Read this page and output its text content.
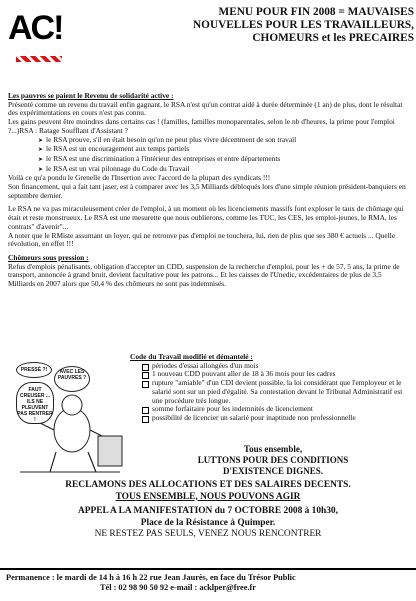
AC!	MENU POUR FIN 2008 = MAUVAISES
NOUVELLES POUR LES TRAVAILLEURS,
CHOMEURS et les PRECAIRES
Les pauvres se paient le Revenu de solidarité active :
Présenté comme un revenu du travail enfin gagnant, le RSA n'est qu'un contrat aidé à durée déterminée (1 an) de plus, dont le résultat des expérimentations en cours n'est pas connu.
Les gains peuvent être moindres dans certains cas ! (familles, familles monoparentales, selon le nb d'heures, la prime pour l'emploi ?...)RSA : Ratage Soufflant d'Assistant ?
➤ le RSA prouve, s'il en était besoin qu'on ne peut plus vivre décemment de son travail
➤ le RSA est un encouragement aux temps partiels
➤ le RSA est une discrimination à l'intérieur des entreprises et entre départements
➤ le RSA est un vrai pilonnage du Code du Travail
Voilà ce qu'a pondu le Grenelle de l'Insertion avec l'accord de la plupart des syndicats !!!
Son financement, qui a fait tant jaser, est à comparer avec les 3,5 Milliards débloqués lors d'une simple réunion président-banquiers en septembre dernier.
Le RSA ne va pas miraculeusement créer de l'emploi, à un moment où les licenciements massifs font exploser le taux de chômage qui était et reste monstrueux. Le RSA est une mesurette que nous oublierons, comme les TUC, les CES, les emploi-jeunes, le RMA, les contrats" d'avenir"...
A noter que le RMiste assumant un loyer, qui ne retrouve pas d'emploi ne touchera, lui, rien de plus que ses 380 € actuels ... Quelle révolution, en effet !!!
Chômeurs sous pression :
Refus d'emplois pénalisants, obligation d'accepter un CDD, suspension de la recherche d'emploi, pour les + de 57, 5 ans, la prime de transport, annoncée à grand bruit, devient facultative pour les patrons... Et les caisses de l'Unedic, excédentaires de plus de 3,5 Milliards en 2007 alors que 50,4 % des chômeurs ne sont pas indemnisés.
Code du Travail modifié et démantelé :
périodes d'essai allongées d'un mois
1 nouveau CDD pouvant aller de 18 à 36 mois pour les cadres
rupture "amiable" d'un CDI devient possible, la loi considérant que l'employeur et le salarié sont sur un pied d'égalité. Sa contestation devant le Tribunal Administratif est une procédure très longue.
somme forfaitaire pour les indemnités de licenciement
possibilité de licencier un salarié pour inaptitude non professionnelle
PRESSÉ ?!	AVEC LES PAUVRES ?
FAUT CREUSER ... ILS NE PLEUVENT PAS RENTRER !
Tous ensemble,
LUTTONS POUR DES CONDITIONS
D'EXISTENCE DIGNES.
RECLAMONS DES ALLOCATIONS ET DES SALAIRES DECENTS.
TOUS ENSEMBLE, NOUS POUVONS AGIR
APPEL A LA MANIFESTATION du 7 OCTOBRE 2008 à 10h30,
Place de la Résistance à Quimper.
NE RESTEZ PAS SEULS, VENEZ NOUS RENCONTRER
Permanence : le mardi de 14 h à 16 h 22 rue Jean Jaurès, en face du Trésor Public
Tél : 02 98 90 50 92 e-mail : acklper@free.fr
